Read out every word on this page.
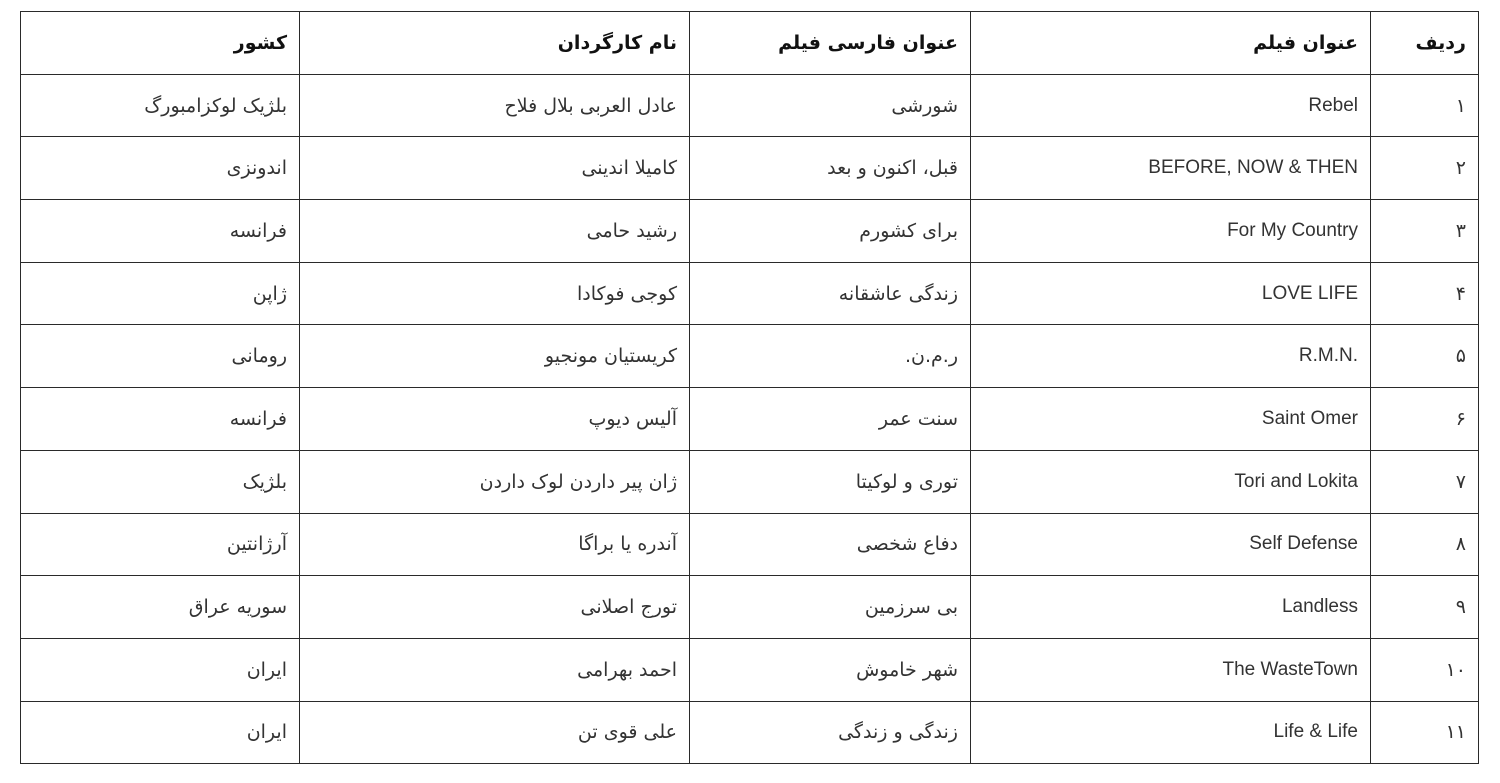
ردیف	عنوان فیلم	عنوان فارسی فیلم	نام کارگردان	کشور
۱	Rebel	شورشی	عادل العربی بلال فلاح	بلژیک لوکزامبورگ
۲	BEFORE, NOW & THEN	قبل، اکنون و بعد	کامیلا اندینی	اندونزی
۳	For My Country	برای کشورم	رشید حامی	فرانسه
۴	LOVE LIFE	زندگی عاشقانه	کوجی فوکادا	ژاپن
۵	.R.M.N	ر.م.ن.	کریستیان مونجیو	رومانی
۶	Saint Omer	سنت عمر	آلیس دیوپ	فرانسه
۷	Tori and Lokita	توری و لوکیتا	ژان پیر داردن لوک داردن	بلژیک
۸	Self Defense	دفاع شخصی	آندره یا براگا	آرژانتین
۹	Landless	بی سرزمین	تورج اصلانی	سوریه عراق
۱۰	The WasteTown	شهر خاموش	احمد بهرامی	ایران
۱۱	Life & Life	زندگی و زندگی	علی قوی تن	ایران
